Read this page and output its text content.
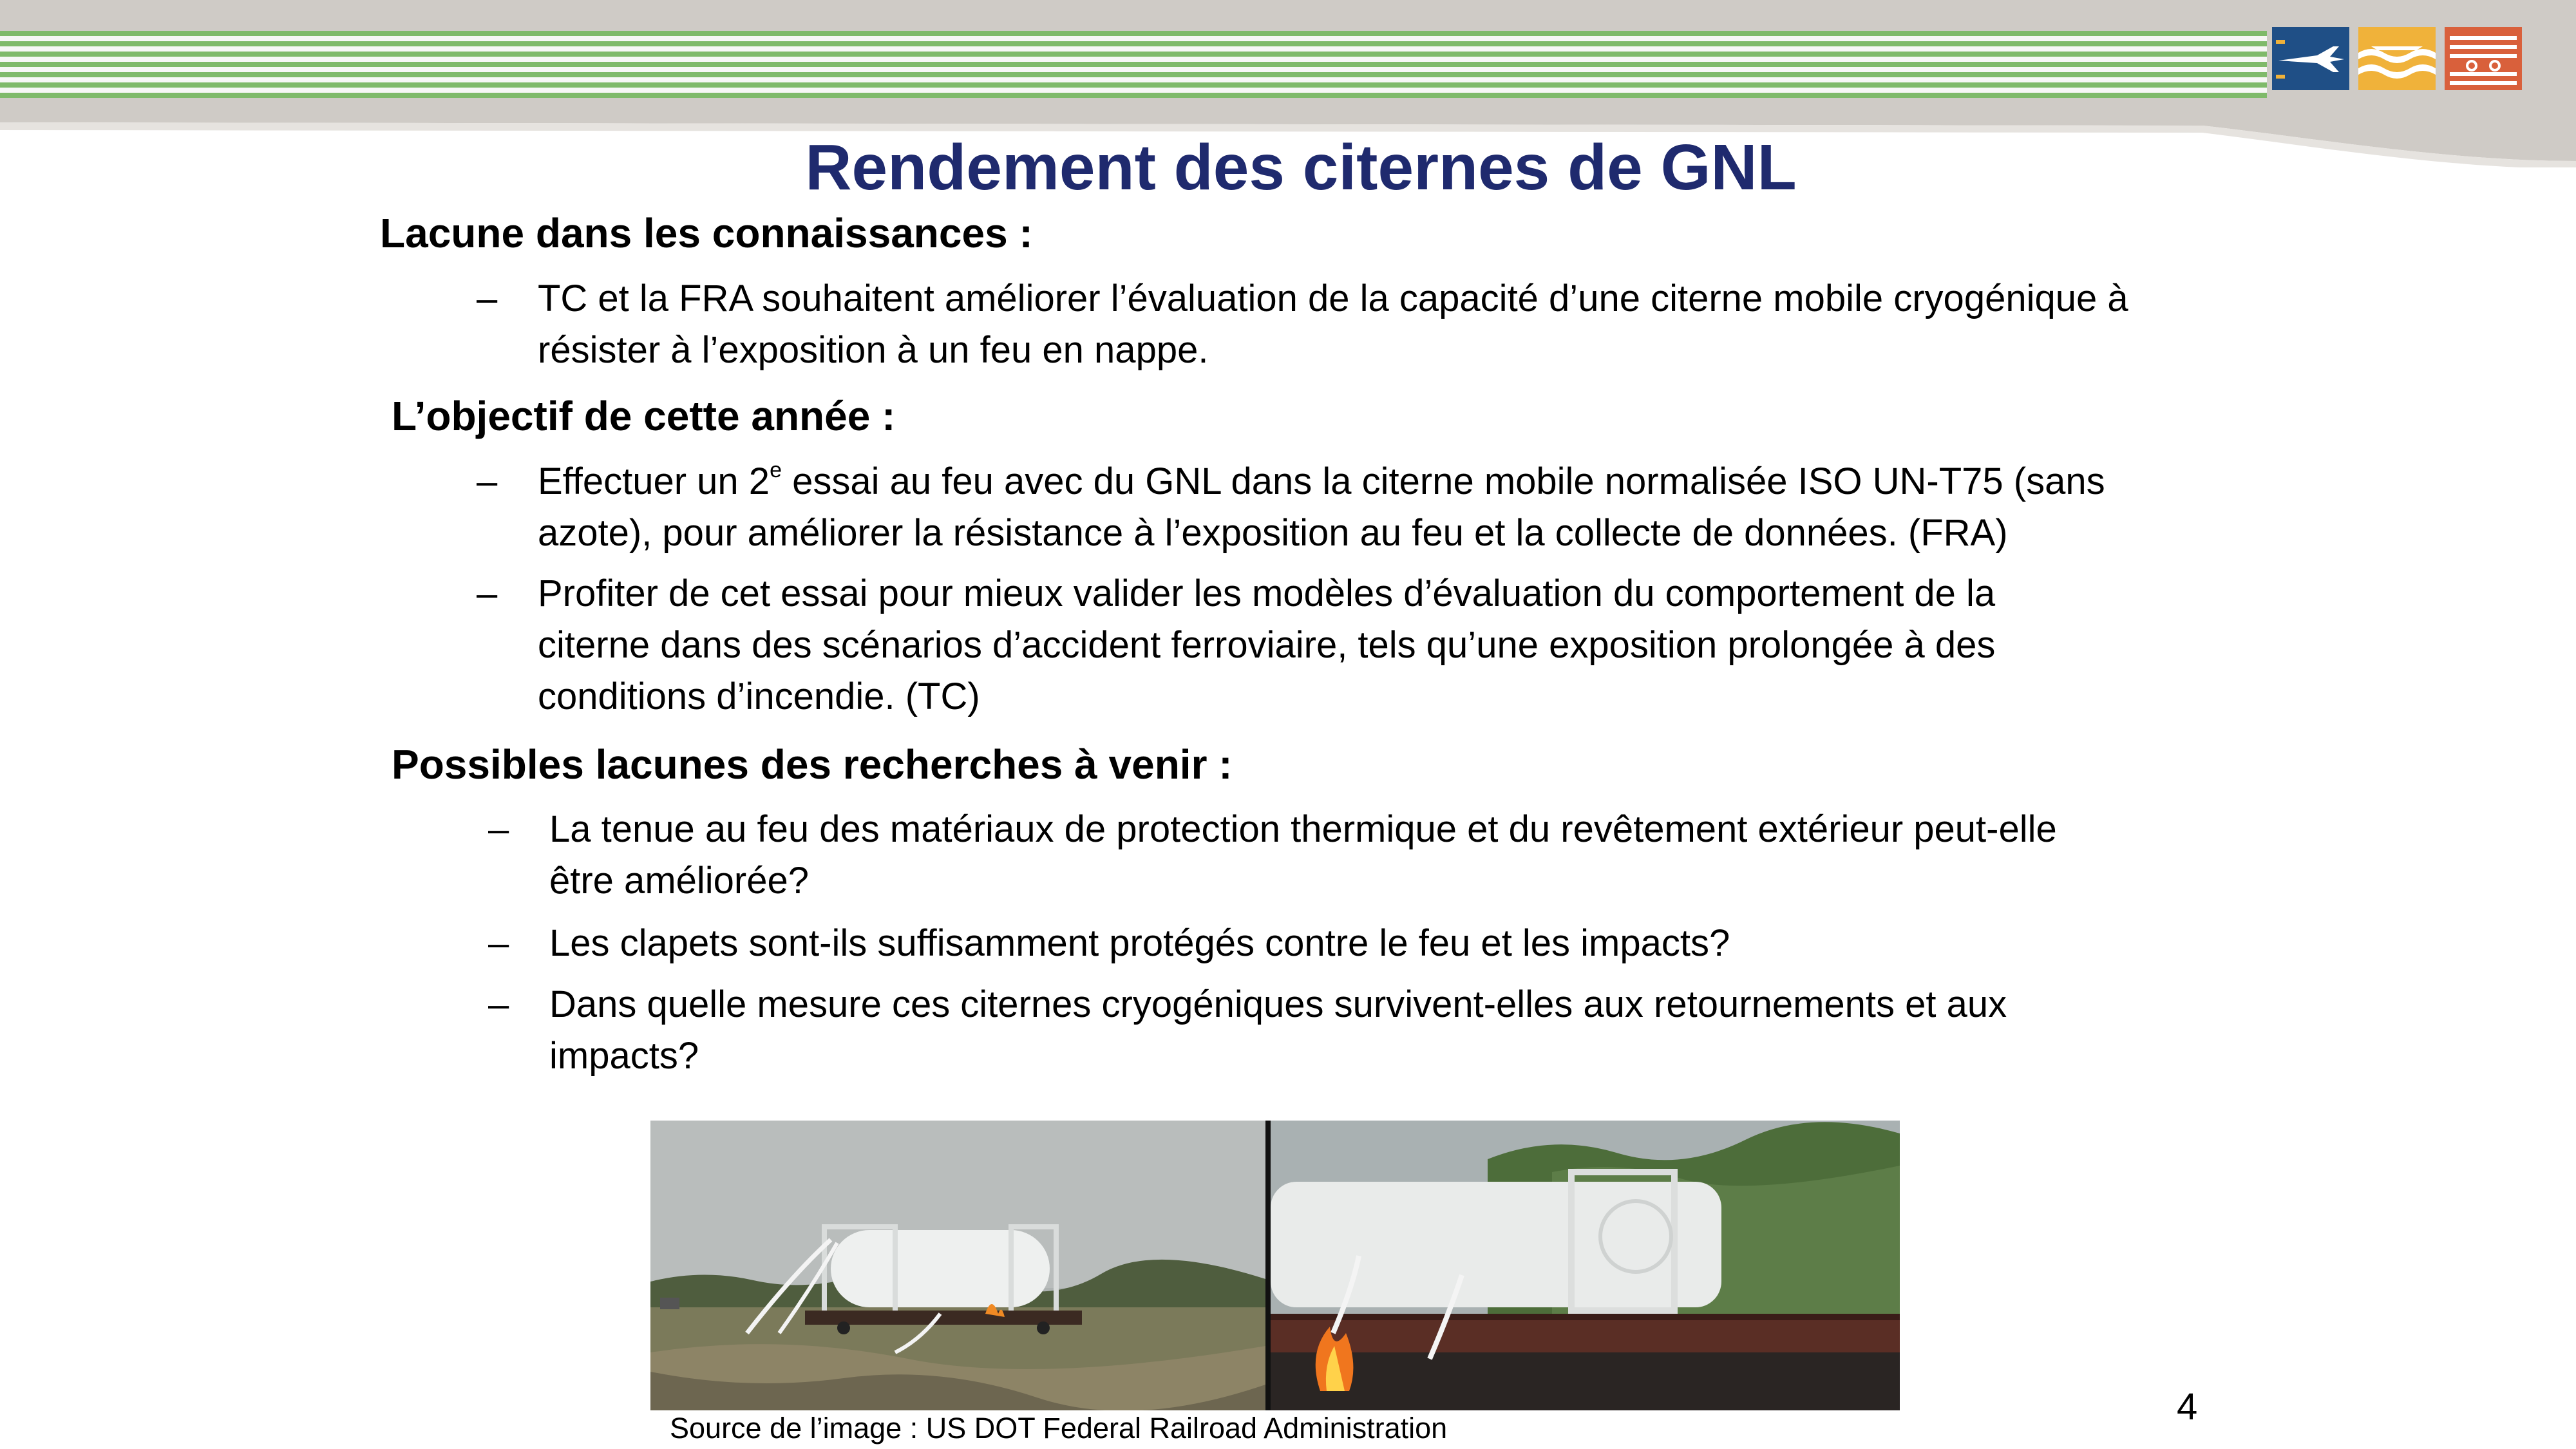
Rendement des citernes de GNL
Lacune dans les connaissances :
– TC et la FRA souhaitent améliorer l’évaluation de la capacité d’une citerne mobile cryogénique à
résister à l’exposition à un feu en nappe.
L’objectif de cette année :
– Effectuer un 2e essai au feu avec du GNL dans la citerne mobile normalisée ISO UN-T75 (sans
azote), pour améliorer la résistance à l’exposition au feu et la collecte de données. (FRA)
– Profiter de cet essai pour mieux valider les modèles d’évaluation du comportement de la
citerne dans des scénarios d’accident ferroviaire, tels qu’une exposition prolongée à des
conditions d’incendie. (TC)
Possibles lacunes des recherches à venir :
– La tenue au feu des matériaux de protection thermique et du revêtement extérieur peut-elle
être améliorée?
– Les clapets sont-ils suffisamment protégés contre le feu et les impacts?
– Dans quelle mesure ces citernes cryogéniques survivent-elles aux retournements et aux
impacts?
Source de l’image : US DOT Federal Railroad Administration
4
